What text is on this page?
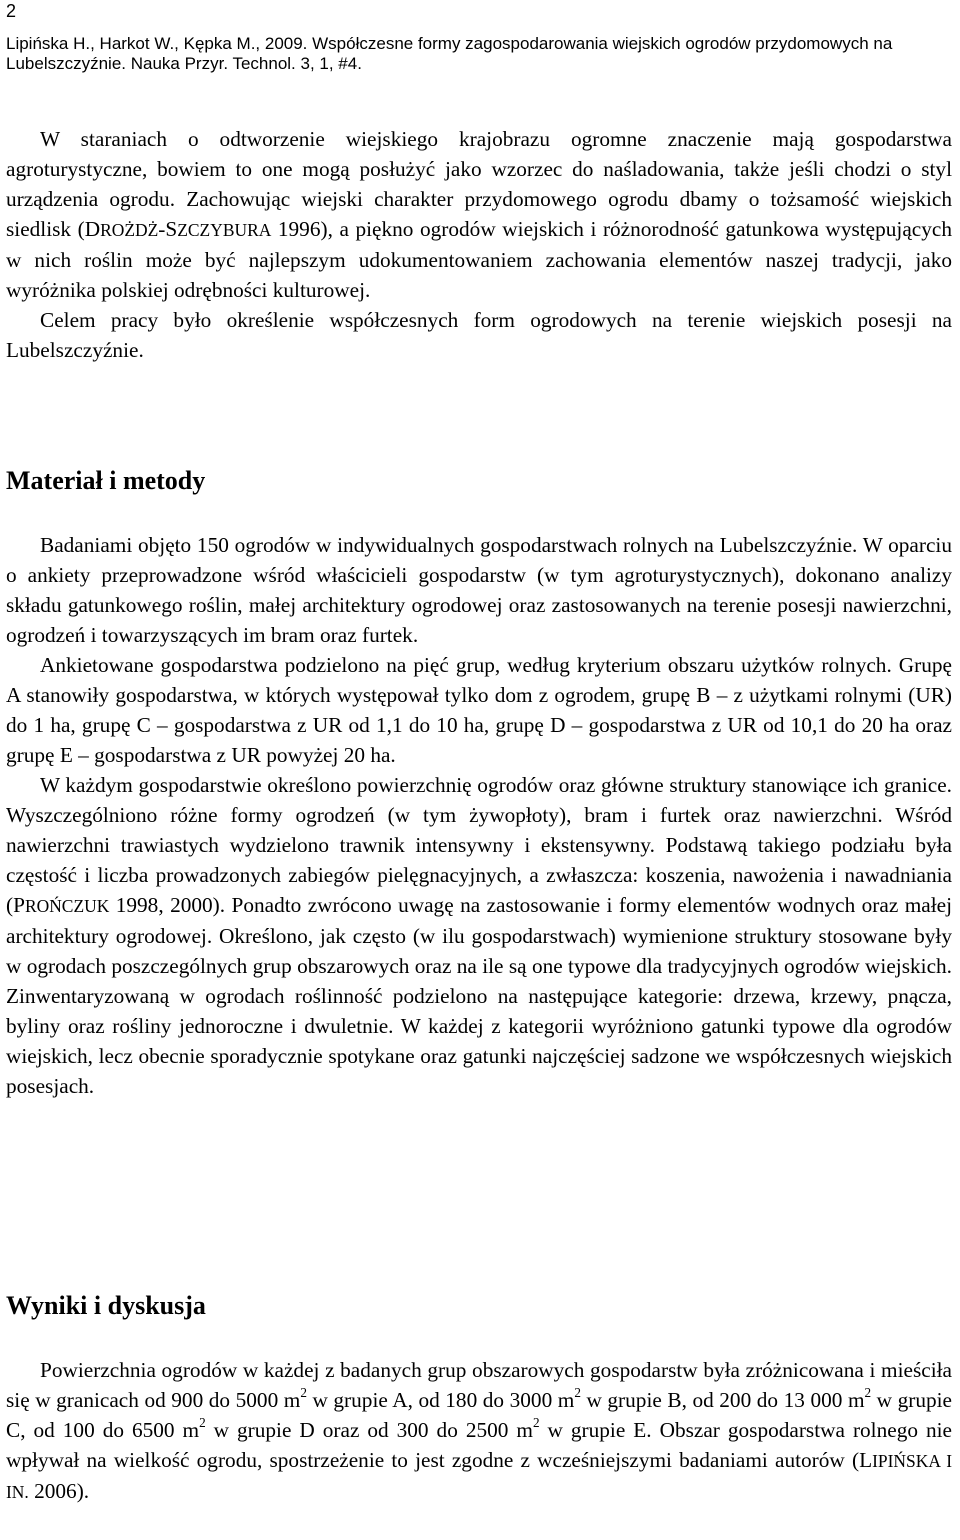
2
Lipińska H., Harkot W., Kępka M., 2009. Współczesne formy zagospodarowania wiejskich ogrodów przydomowych na Lubelszczyźnie. Nauka Przyr. Technol. 3, 1, #4.

W staraniach o odtworzenie wiejskiego krajobrazu ogromne znaczenie mają gospodarstwa agroturystyczne, bowiem to one mogą posłużyć jako wzorzec do naśladowania, także jeśli chodzi o styl urządzenia ogrodu. Zachowując wiejski charakter przydomowego ogrodu dbamy o tożsamość wiejskich siedlisk (DROŻDŻ-SZCZYBURA 1996), a piękno ogrodów wiejskich i różnorodność gatunkowa występujących w nich roślin może być najlepszym udokumentowaniem zachowania elementów naszej tradycji, jako wyróżnika polskiej odrębności kulturowej.

Celem pracy było określenie współczesnych form ogrodowych na terenie wiejskich posesji na Lubelszczyźnie.

Materiał i metody

Badaniami objęto 150 ogrodów w indywidualnych gospodarstwach rolnych na Lubelszczyźnie. W oparciu o ankiety przeprowadzone wśród właścicieli gospodarstw (w tym agroturystycznych), dokonano analizy składu gatunkowego roślin, małej architektury ogrodowej oraz zastosowanych na terenie posesji nawierzchni, ogrodzeń i towarzyszących im bram oraz furtek.

Ankietowane gospodarstwa podzielono na pięć grup, według kryterium obszaru użytków rolnych. Grupę A stanowiły gospodarstwa, w których występował tylko dom z ogrodem, grupę B – z użytkami rolnymi (UR) do 1 ha, grupę C – gospodarstwa z UR od 1,1 do 10 ha, grupę D – gospodarstwa z UR od 10,1 do 20 ha oraz grupę E – gospodarstwa z UR powyżej 20 ha.

W każdym gospodarstwie określono powierzchnię ogrodów oraz główne struktury stanowiące ich granice. Wyszczególniono różne formy ogrodzeń (w tym żywopłoty), bram i furtek oraz nawierzchni. Wśród nawierzchni trawiastych wydzielono trawnik intensywny i ekstensywny. Podstawą takiego podziału była częstość i liczba prowadzonych zabiegów pielęgnacyjnych, a zwłaszcza: koszenia, nawożenia i nawadniania (PROŃCZUK 1998, 2000). Ponadto zwrócono uwagę na zastosowanie i formy elementów wodnych oraz małej architektury ogrodowej. Określono, jak często (w ilu gospodarstwach) wymienione struktury stosowane były w ogrodach poszczególnych grup obszarowych oraz na ile są one typowe dla tradycyjnych ogrodów wiejskich. Zinwentaryzowaną w ogrodach roślinność podzielono na następujące kategorie: drzewa, krzewy, pnącza, byliny oraz rośliny jednoroczne i dwuletnie. W każdej z kategorii wyróżniono gatunki typowe dla ogrodów wiejskich, lecz obecnie sporadycznie spotykane oraz gatunki najczęściej sadzone we współczesnych wiejskich posesjach.

Wyniki i dyskusja

Powierzchnia ogrodów w każdej z badanych grup obszarowych gospodarstw była zróżnicowana i mieściła się w granicach od 900 do 5000 $m^2$ w grupie A, od 180 do 3000 $m^2$ w grupie B, od 200 do 13 000 $m^2$ w grupie C, od 100 do 6500 $m^2$ w grupie D oraz od 300 do 2500 $m^2$ w grupie E. Obszar gospodarstwa rolnego nie wpływał na wielkość ogrodu, spostrzeżenie to jest zgodne z wcześniejszymi badaniami autorów (LIPIŃSKA I IN. 2006).
